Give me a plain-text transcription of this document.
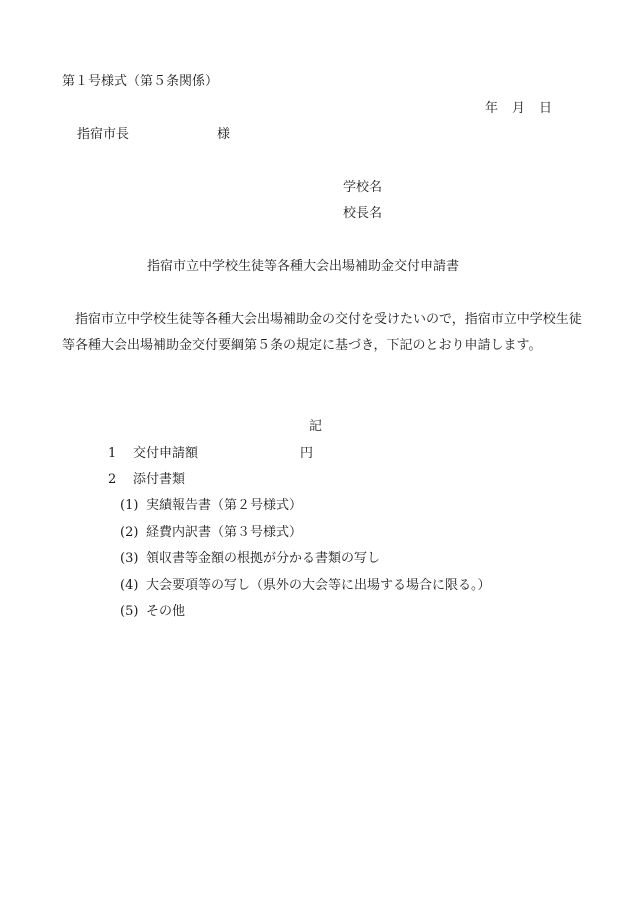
第１号様式（第５条関係）
年 月 日
指宿市長	様
学校名
校長名
指宿市立中学校生徒等各種大会出場補助金交付申請書
指宿市立中学校生徒等各種大会出場補助金の交付を受けたいので，指宿市立中学校生徒等各種大会出場補助金交付要綱第５条の規定に基づき，下記のとおり申請します。
記
1 交付申請額	円
2 添付書類
(1) 実績報告書（第２号様式）
(2) 経費内訳書（第３号様式）
(3) 領収書等金額の根拠が分かる書類の写し
(4) 大会要項等の写し（県外の大会等に出場する場合に限る。）
(5) その他
